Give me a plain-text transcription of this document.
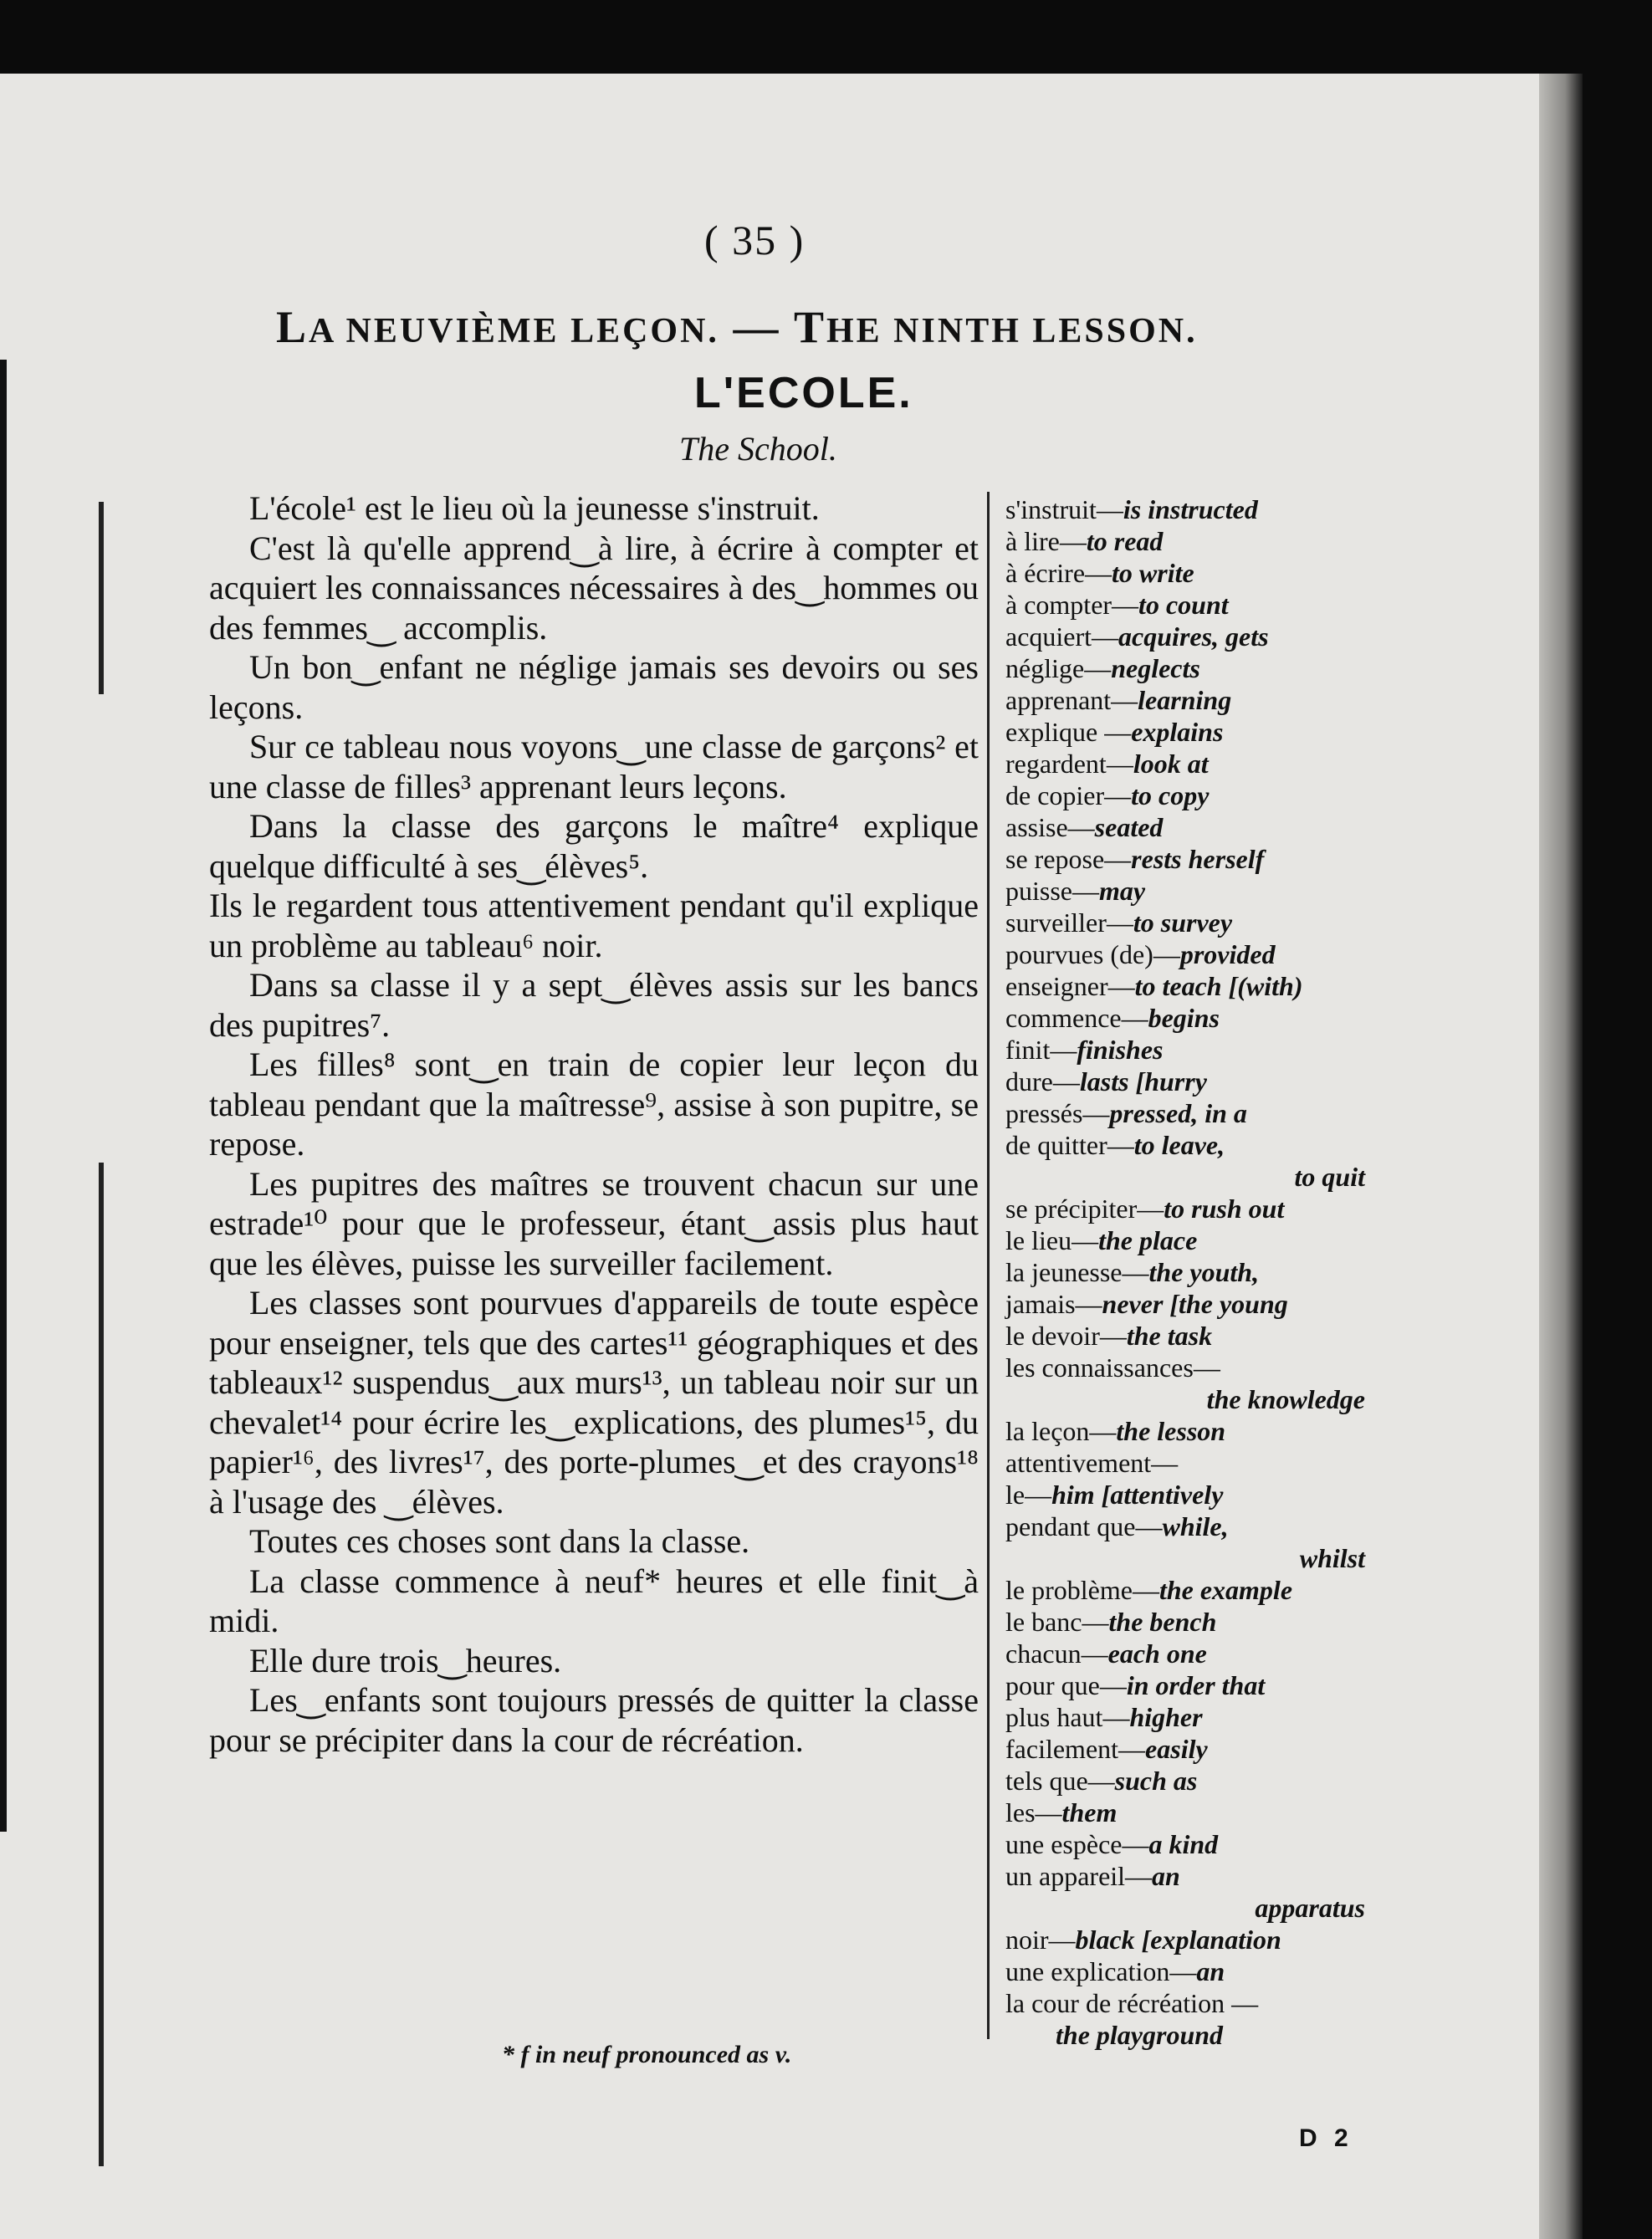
( 35 )
LA NEUVIÈME LEÇON. — THE NINTH LESSON.
L'ECOLE.
The School.

L'école¹ est le lieu où la jeunesse s'instruit.

C'est là qu'elle apprend‿à lire, à écrire à compter et acquiert les connaissances nécessaires à des‿hommes ou des femmes‿ accomplis.

Un bon‿enfant ne néglige jamais ses devoirs ou ses leçons.

Sur ce tableau nous voyons‿une classe de garçons² et une classe de filles³ apprenant leurs leçons.

Dans la classe des garçons le maître⁴ explique quelque difficulté à ses‿élèves⁵.

Ils le regardent tous attentivement pendant qu'il explique un problème au tableau⁶ noir.

Dans sa classe il y a sept‿élèves assis sur les bancs des pupitres⁷.

Les filles⁸ sont‿en train de copier leur leçon du tableau pendant que la maîtresse⁹, assise à son pupitre, se repose.

Les pupitres des maîtres se trouvent chacun sur une estrade¹⁰ pour que le professeur, étant‿assis plus haut que les élèves, puisse les surveiller facilement.

Les classes sont pourvues d'appareils de toute espèce pour enseigner, tels que des cartes¹¹ géographiques et des tableaux¹² suspendus‿aux murs¹³, un tableau noir sur un chevalet¹⁴ pour écrire les‿explications, des plumes¹⁵, du papier¹⁶, des livres¹⁷, des porte-plumes‿et des crayons¹⁸ à l'usage des ‿élèves.

Toutes ces choses sont dans la classe.

La classe commence à neuf* heures et elle finit‿à midi.

Elle dure trois‿heures.

Les‿enfants sont toujours pressés de quitter la classe pour se précipiter dans la cour de récréation.

* f in neuf pronounced as v.
s'instruit—is instructed
à lire—to read
à écrire—to write
à compter—to count
acquiert—acquires, gets
néglige—neglects
apprenant—learning
explique —explains
regardent—look at
de copier—to copy
assise—seated
se repose—rests herself
puisse—may
surveiller—to survey
pourvues (de)—provided
enseigner—to teach [(with)
commence—begins
finit—finishes
dure—lasts [hurry
pressés—pressed, in a
de quitter—to leave,
to quit
se précipiter—to rush out
le lieu—the place
la jeunesse—the youth,
jamais—never [the young
le devoir—the task
les connaissances—
the knowledge
la leçon—the lesson
attentivement—
le—him [attentively
pendant que—while,
whilst
le problème—the example
le banc—the bench
chacun—each one
pour que—in order that
plus haut—higher
facilement—easily
tels que—such as
les—them
une espèce—a kind
un appareil—an
apparatus
noir—black [explanation
une explication—an
la cour de récréation —
the playground
D 2
